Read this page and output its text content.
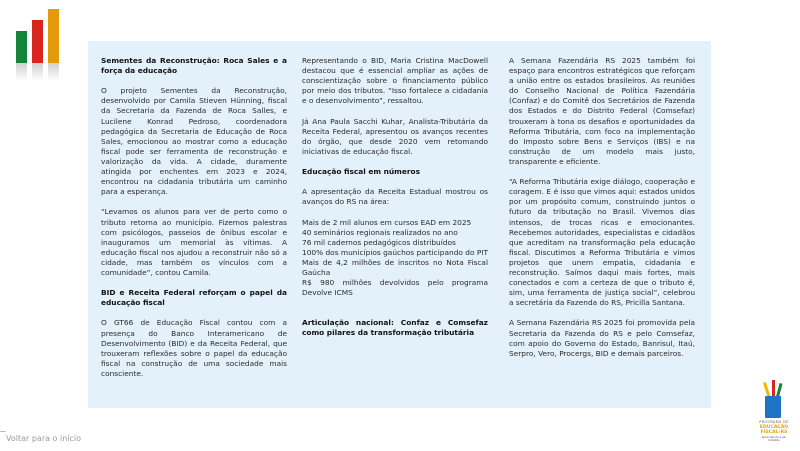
Sementes da Reconstrução: Roca Sales e a força da educação

O projeto Sementes da Reconstrução, desenvolvido por Camila Stieven Hünning, fiscal da Secretaria da Fazenda de Roca Salles, e Lucilene Konrad Pedroso, coordenadora pedagógica da Secretaria de Educação de Roca Sales, emocionou ao mostrar como a educação fiscal pode ser ferramenta de reconstrução e valorização da vida. A cidade, duramente atingida por enchentes em 2023 e 2024, encontrou na cidadania tributária um caminho para a esperança.

“Levamos os alunos para ver de perto como o tributo retorna ao município. Fizemos palestras com psicólogos, passeios de ônibus escolar e inauguramos um memorial às vítimas. A educação fiscal nos ajudou a reconstruir não só a cidade, mas também os vínculos com a comunidade”, contou Camila.

BID e Receita Federal reforçam o papel da educação fiscal

O GT66 de Educação Fiscal contou com a presença do Banco Interamericano de Desenvolvimento (BID) e da Receita Federal, que trouxeram reflexões sobre o papel da educação fiscal na construção de uma sociedade mais consciente.

Representando o BID, Maria Cristina MacDowell destacou que é essencial ampliar as ações de conscientização sobre o financiamento público por meio dos tributos. “Isso fortalece a cidadania e o desenvolvimento”, ressaltou.

Já Ana Paula Sacchi Kuhar, Analista-Tributária da Receita Federal, apresentou os avanços recentes do órgão, que desde 2020 vem retomando iniciativas de educação fiscal.

Educação fiscal em números

A apresentação da Receita Estadual mostrou os avanços do RS na área:

Mais de 2 mil alunos em cursos EAD em 2025
40 seminários regionais realizados no ano
76 mil cadernos pedagógicos distribuídos
100% dos municípios gaúchos participando do PIT
Mais de 4,2 milhões de inscritos no Nota Fiscal Gaúcha
R$ 980 milhões devolvidos pelo programa Devolve ICMS

Articulação nacional: Confaz e Comsefaz como pilares da transformação tributária

A Semana Fazendária RS 2025 também foi espaço para encontros estratégicos que reforçam a união entre os estados brasileiros. As reuniões do Conselho Nacional de Política Fazendária (Confaz) e do Comitê dos Secretários de Fazenda dos Estados e do Distrito Federal (Comsefaz) trouxeram à tona os desafios e oportunidades da Reforma Tributária, com foco na implementação do Imposto sobre Bens e Serviços (IBS) e na construção de um modelo mais justo, transparente e eficiente.

“A Reforma Tributária exige diálogo, cooperação e coragem. E é isso que vimos aqui: estados unidos por um propósito comum, construindo juntos o futuro da tributação no Brasil. Vivemos dias intensos, de trocas ricas e emocionantes. Recebemos autoridades, especialistas e cidadãos que acreditam na transformação pela educação fiscal. Discutimos a Reforma Tributária e vimos projetos que unem empatia, cidadania e reconstrução. Saímos daqui mais fortes, mais conectados e com a certeza de que o tributo é, sim, uma ferramenta de justiça social”, celebrou a secretária da Fazenda do RS, Pricilla Santana.

A Semana Fazendária RS 2025 foi promovida pela Secretaria da Fazenda do RS e pelo Comsefaz, com apoio do Governo do Estado, Banrisul, Itaú, Serpro, Vero, Procergs, BID e demais parceiros.

Voltar para o início
PROGRAMA DE
EDUCAÇÃO FISCAL-RS
Aprendendo a ser Cidadão
